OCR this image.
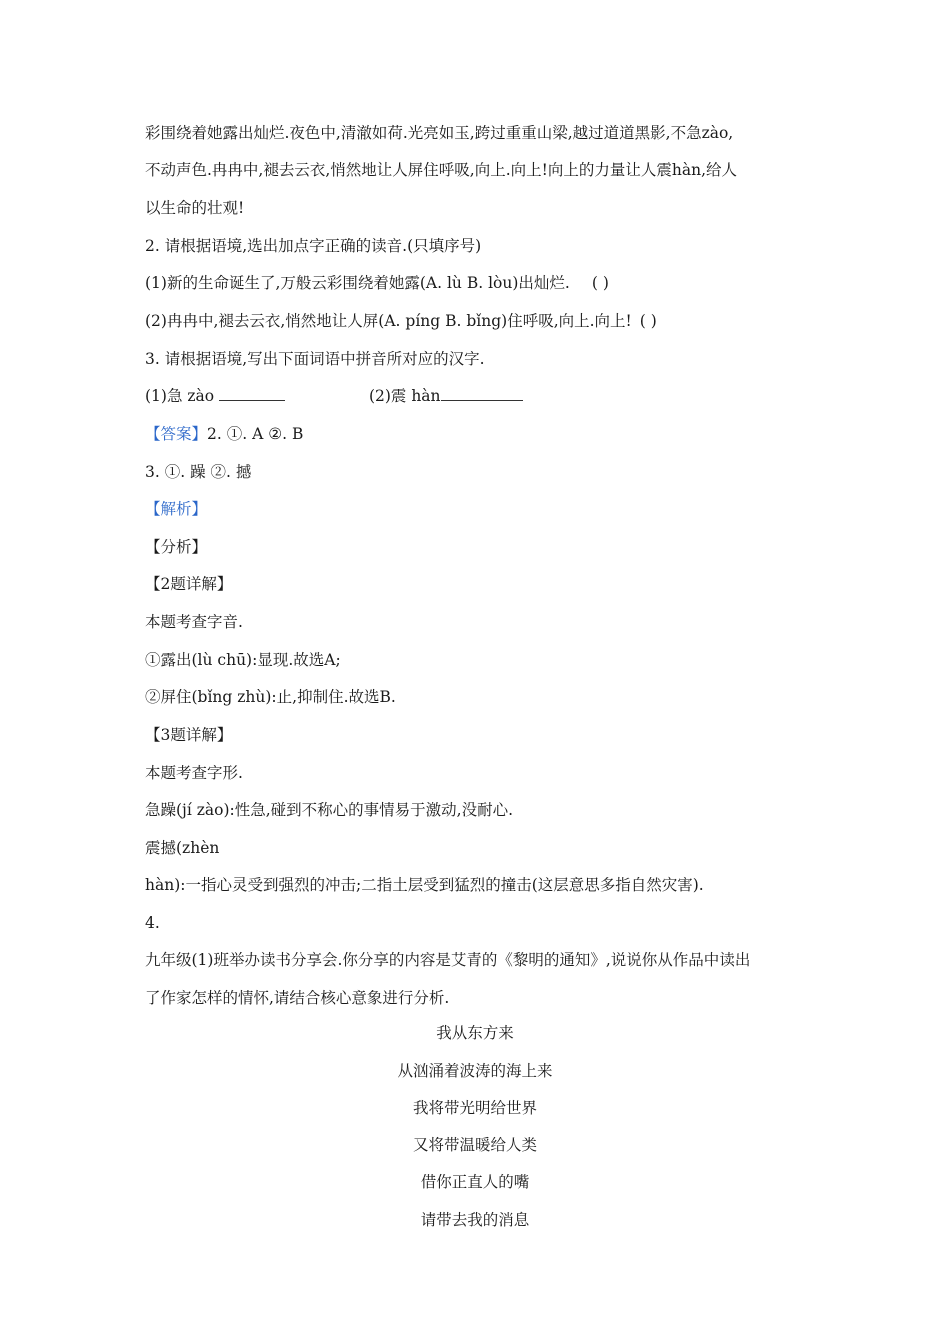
彩围绕着她露出灿烂.夜色中,清澈如荷.光亮如玉,跨过重重山梁,越过道道黑影,不急zào,
不动声色.冉冉中,褪去云衣,悄然地让人屏住呼吸,向上.向上!向上的力量让人震hàn,给人
以生命的壮观!
2. 请根据语境,选出加点字正确的读音.(只填序号)
(1)新的生命诞生了,万般云彩围绕着她露(A. lù B. lòu)出灿烂. ( )
(2)冉冉中,褪去云衣,悄然地让人屏(A. píng B. bǐng)住呼吸,向上.向上! ( )
3. 请根据语境,写出下面词语中拼音所对应的汉字.
(1)急 zào	(2)震 hàn
【答案】2. ①. A ②. B
3. ①. 躁 ②. 撼
【解析】
【分析】
【2题详解】
本题考查字音.
①露出(lù chū):显现.故选A;
②屏住(bǐng zhù):止,抑制住.故选B.
【3题详解】
本题考查字形.
急躁(jí zào):性急,碰到不称心的事情易于激动,没耐心.
震撼(zhèn
hàn):一指心灵受到强烈的冲击;二指土层受到猛烈的撞击(这层意思多指自然灾害).
4.
九年级(1)班举办读书分享会.你分享的内容是艾青的《黎明的通知》,说说你从作品中读出
了作家怎样的情怀,请结合核心意象进行分析.
我从东方来
从汹涌着波涛的海上来
我将带光明给世界
又将带温暖给人类
借你正直人的嘴
请带去我的消息
